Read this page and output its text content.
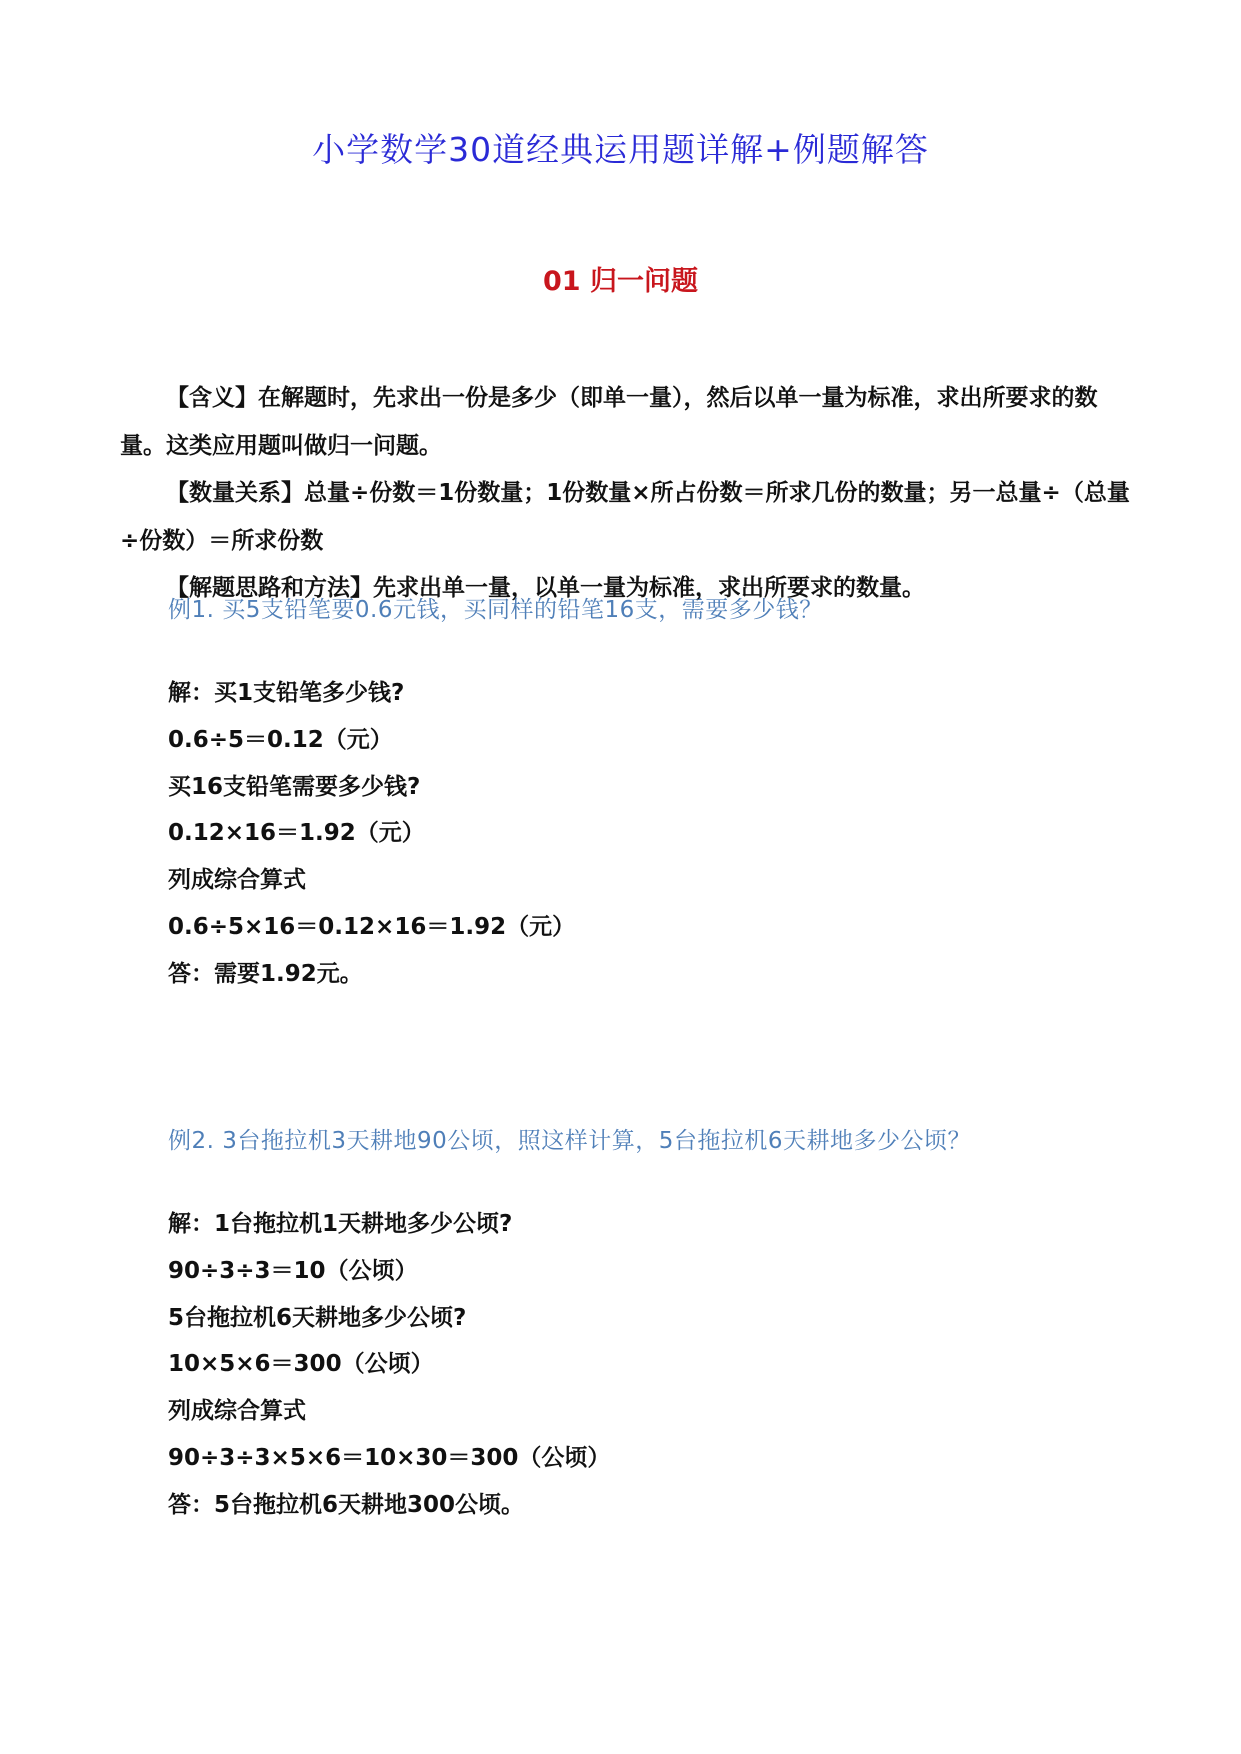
小学数学30道经典运用题详解+例题解答
01 归一问题

【含义】在解题时，先求出一份是多少（即单一量），然后以单一量为标准，求出所要求的数量。这类应用题叫做归一问题。

【数量关系】总量÷份数＝1份数量；1份数量×所占份数＝所求几份的数量；另一总量÷（总量÷份数）＝所求份数

【解题思路和方法】先求出单一量，以单一量为标准，求出所要求的数量。

例1. 买5支铅笔要0.6元钱，买同样的铅笔16支，需要多少钱？
解：买1支铅笔多少钱?
0.6÷5＝0.12（元）
买16支铅笔需要多少钱?
0.12×16＝1.92（元）
列成综合算式
0.6÷5×16＝0.12×16＝1.92（元）
答：需要1.92元。
例2. 3台拖拉机3天耕地90公顷，照这样计算，5台拖拉机6天耕地多少公顷？
解：1台拖拉机1天耕地多少公顷?
90÷3÷3＝10（公顷）
5台拖拉机6天耕地多少公顷?
10×5×6＝300（公顷）
列成综合算式
90÷3÷3×5×6＝10×30＝300（公顷）
答：5台拖拉机6天耕地300公顷。
